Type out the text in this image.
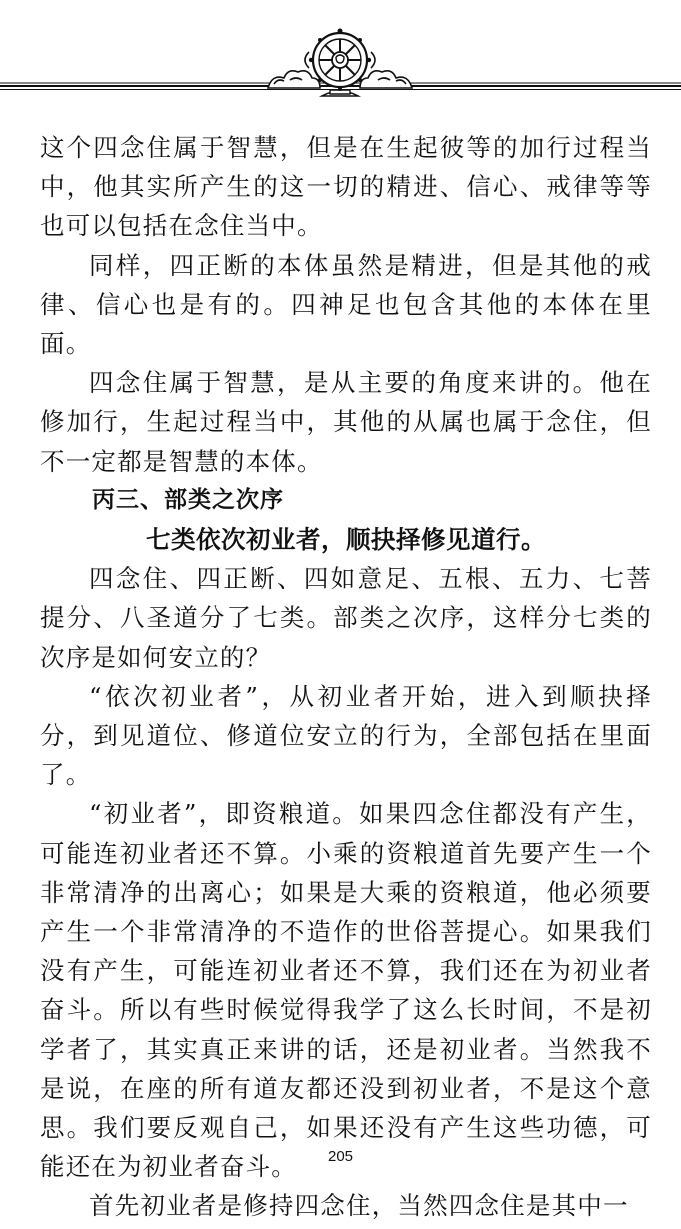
这个四念住属于智慧，但是在生起彼等的加行过程当中，他其实所产生的这一切的精进、信心、戒律等等也可以包括在念住当中。

同样，四正断的本体虽然是精进，但是其他的戒律、信心也是有的。四神足也包含其他的本体在里面。

四念住属于智慧，是从主要的角度来讲的。他在修加行，生起过程当中，其他的从属也属于念住，但不一定都是智慧的本体。

丙三、部类之次序

七类依次初业者，顺抉择修见道行。

四念住、四正断、四如意足、五根、五力、七菩提分、八圣道分了七类。部类之次序，这样分七类的次序是如何安立的？

“依次初业者”，从初业者开始，进入到顺抉择分，到见道位、修道位安立的行为，全部包括在里面了。

“初业者”，即资粮道。如果四念住都没有产生，可能连初业者还不算。小乘的资粮道首先要产生一个非常清净的出离心；如果是大乘的资粮道，他必须要产生一个非常清净的不造作的世俗菩提心。如果我们没有产生，可能连初业者还不算，我们还在为初业者奋斗。所以有些时候觉得我学了这么长时间，不是初学者了，其实真正来讲的话，还是初业者。当然我不是说，在座的所有道友都还没到初业者，不是这个意思。我们要反观自己，如果还没有产生这些功德，可能还在为初业者奋斗。

首先初业者是修持四念住，当然四念住是其中一

205
